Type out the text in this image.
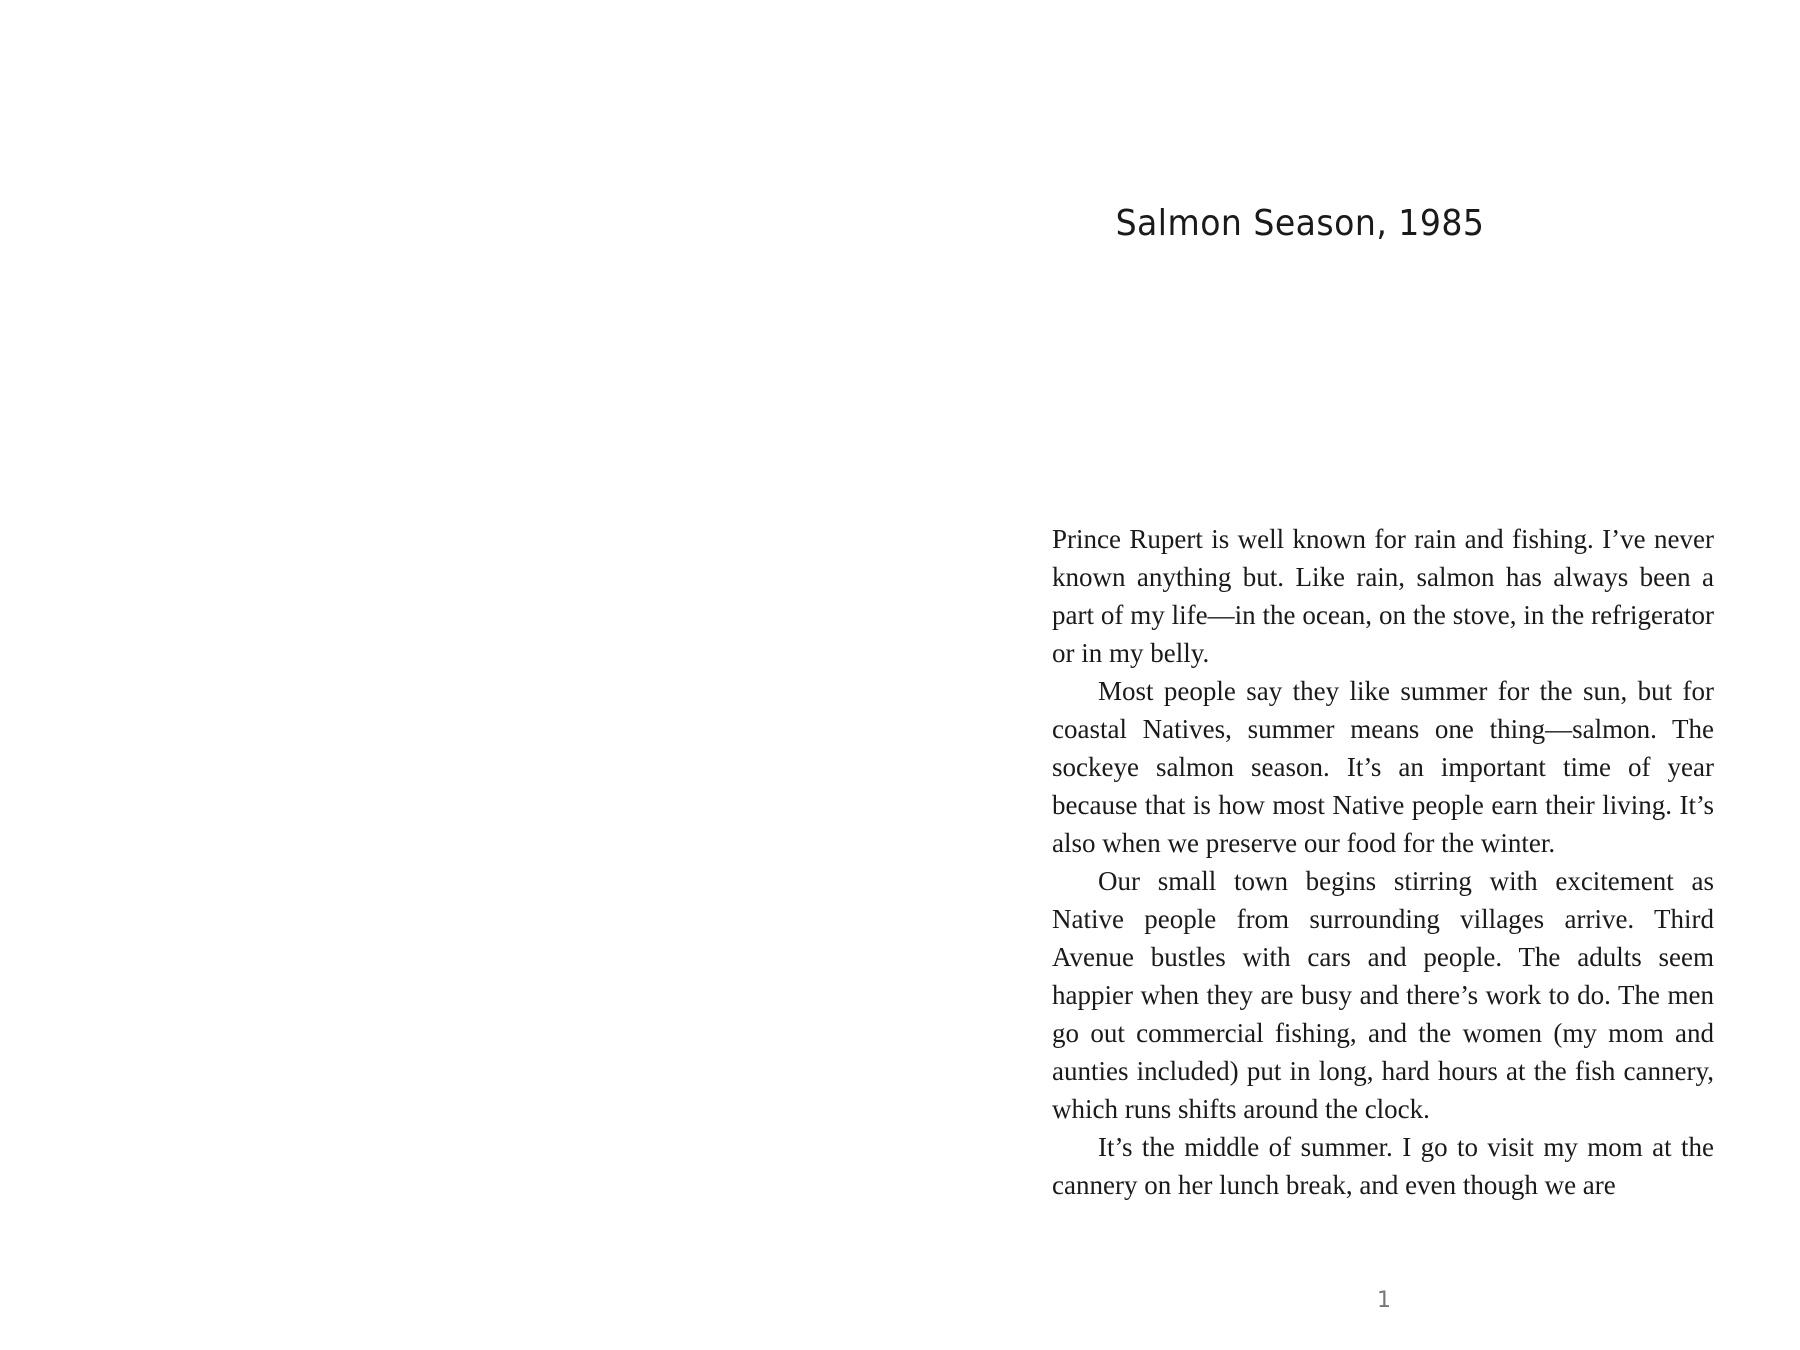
Salmon Season, 1985

Prince Rupert is well known for rain and fishing. I’ve never known anything but. Like rain, salmon has always been a part of my life—in the ocean, on the stove, in the refrigerator or in my belly.

Most people say they like summer for the sun, but for coastal Natives, summer means one thing—salmon. The sockeye salmon season. It’s an important time of year because that is how most Native people earn their living. It’s also when we preserve our food for the winter.

Our small town begins stirring with excitement as Native people from surrounding villages arrive. Third Avenue bustles with cars and people. The adults seem happier when they are busy and there’s work to do. The men go out commercial fishing, and the women (my mom and aunties included) put in long, hard hours at the fish cannery, which runs shifts around the clock.

It’s the middle of summer. I go to visit my mom at the cannery on her lunch break, and even though we are

1
